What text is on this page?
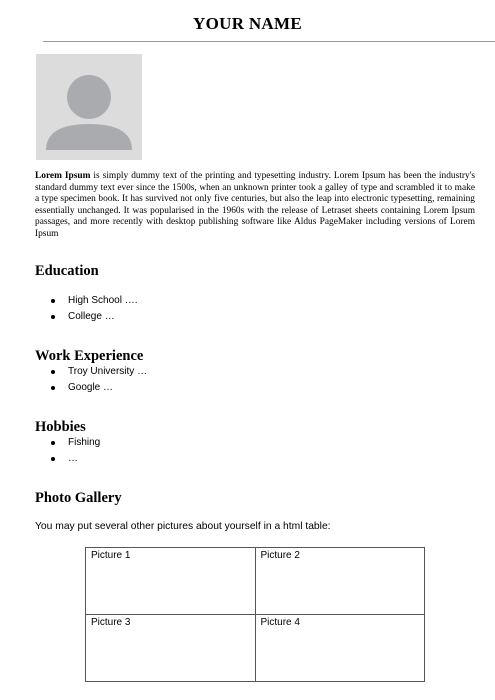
YOUR NAME

Lorem Ipsum is simply dummy text of the printing and typesetting industry. Lorem Ipsum has been the industry's standard dummy text ever since the 1500s, when an unknown printer took a galley of type and scrambled it to make a type specimen book. It has survived not only five centuries, but also the leap into electronic typesetting, remaining essentially unchanged. It was popularised in the 1960s with the release of Letraset sheets containing Lorem Ipsum passages, and more recently with desktop publishing software like Aldus PageMaker including versions of Lorem Ipsum

Education
High School ….
College …
Work Experience
Troy University …
Google …
Hobbies
Fishing
…
Photo Gallery
You may put several other pictures about yourself in a html table:
Picture 1	Picture 2
Picture 3	Picture 4
